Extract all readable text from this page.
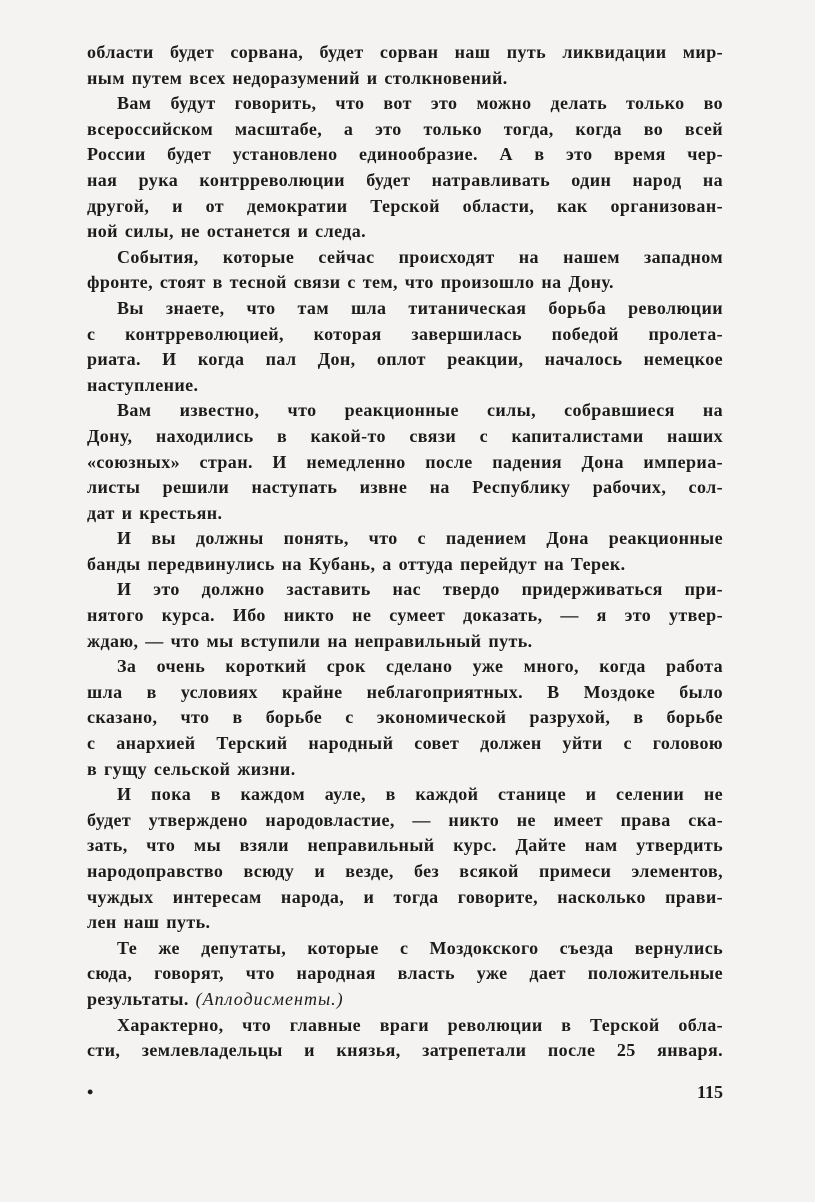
области будет сорвана, будет сорван наш путь ликвидации мир-
ным путем всех недоразумений и столкновений.
Вам будут говорить, что вот это можно делать только во
всероссийском масштабе, а это только тогда, когда во всей
России будет установлено единообразие. А в это время чер-
ная рука контрреволюции будет натравливать один народ на
другой, и от демократии Терской области, как организован-
ной силы, не останется и следа.
События, которые сейчас происходят на нашем западном
фронте, стоят в тесной связи с тем, что произошло на Дону.
Вы знаете, что там шла титаническая борьба революции
с контрреволюцией, которая завершилась победой пролета-
риата. И когда пал Дон, оплот реакции, началось немецкое
наступление.
Вам известно, что реакционные силы, собравшиеся на
Дону, находились в какой-то связи с капиталистами наших
«союзных» стран. И немедленно после падения Дона империа-
листы решили наступать извне на Республику рабочих, сол-
дат и крестьян.
И вы должны понять, что с падением Дона реакционные
банды передвинулись на Кубань, а оттуда перейдут на Терек.
И это должно заставить нас твердо придерживаться при-
нятого курса. Ибо никто не сумеет доказать, — я это утвер-
ждаю, — что мы вступили на неправильный путь.
За очень короткий срок сделано уже много, когда работа
шла в условиях крайне неблагоприятных. В Моздоке было
сказано, что в борьбе с экономической разрухой, в борьбе
с анархией Терский народный совет должен уйти с головою
в гущу сельской жизни.
И пока в каждом ауле, в каждой станице и селении не
будет утверждено народовластие, — никто не имеет права ска-
зать, что мы взяли неправильный курс. Дайте нам утвердить
народоправство всюду и везде, без всякой примеси элементов,
чуждых интересам народа, и тогда говорите, насколько прави-
лен наш путь.
Те же депутаты, которые с Моздокского съезда вернулись
сюда, говорят, что народная власть уже дает положительные
результаты. (Аплодисменты.)
Характерно, что главные враги революции в Терской обла-
сти, землевладельцы и князья, затрепетали после 25 января.
•	115
